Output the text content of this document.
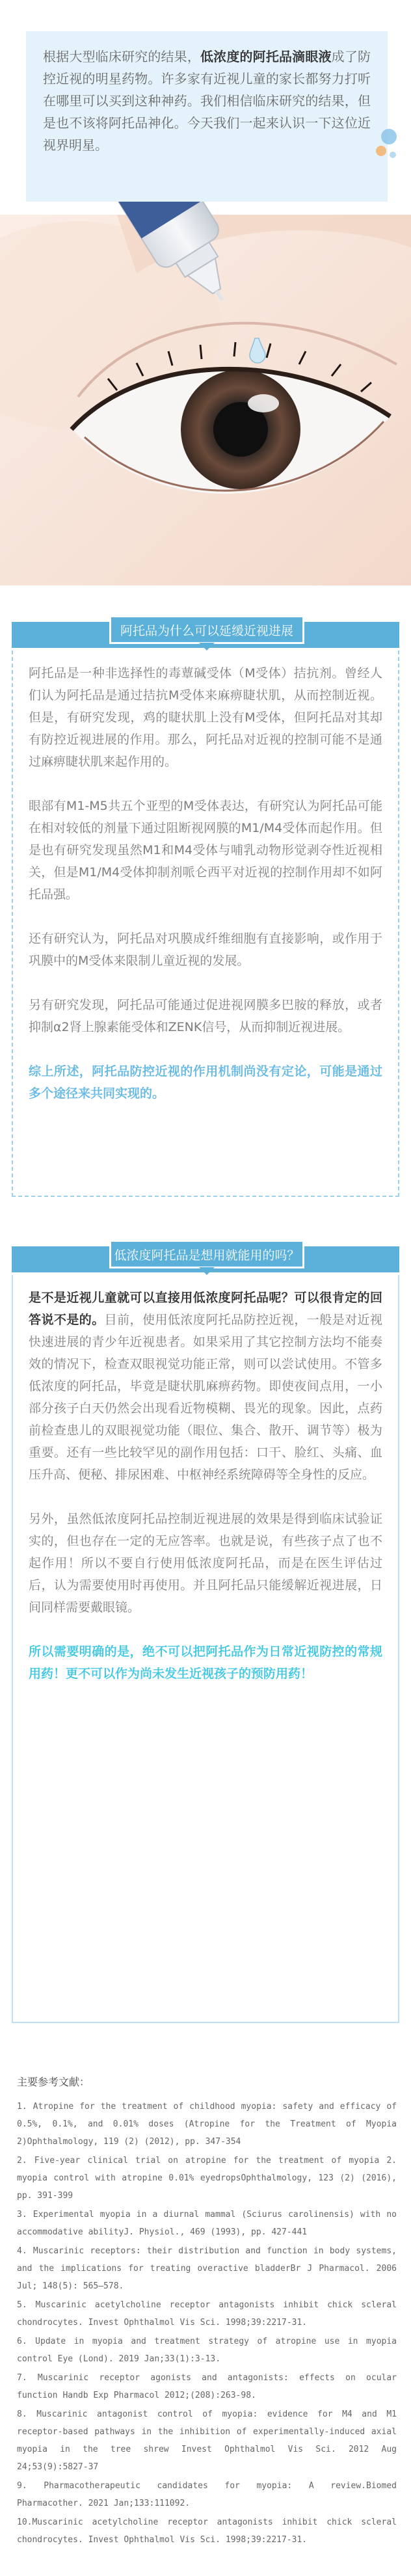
根据大型临床研究的结果，低浓度的阿托品滴眼液成了防控近视的明星药物。许多家有近视儿童的家长都努力打听在哪里可以买到这种神药。我们相信临床研究的结果，但是也不该将阿托品神化。今天我们一起来认识一下这位近视界明星。
阿托品为什么可以延缓近视进展

阿托品是一种非选择性的毒蕈碱受体（M受体）拮抗剂。曾经人们认为阿托品是通过拮抗M受体来麻痹睫状肌，从而控制近视。但是，有研究发现，鸡的睫状肌上没有M受体，但阿托品对其却有防控近视进展的作用。那么，阿托品对近视的控制可能不是通过麻痹睫状肌来起作用的。

眼部有M1-M5共五个亚型的M受体表达，有研究认为阿托品可能在相对较低的剂量下通过阻断视网膜的M1/M4受体而起作用。但是也有研究发现虽然M1和M4受体与哺乳动物形觉剥夺性近视相关，但是M1/M4受体抑制剂哌仑西平对近视的控制作用却不如阿托品强。

还有研究认为，阿托品对巩膜成纤维细胞有直接影响，或作用于巩膜中的M受体来限制儿童近视的发展。

另有研究发现，阿托品可能通过促进视网膜多巴胺的释放，或者抑制α2肾上腺素能受体和ZENK信号，从而抑制近视进展。

综上所述，阿托品防控近视的作用机制尚没有定论，可能是通过多个途径来共同实现的。

低浓度阿托品是想用就能用的吗？

是不是近视儿童就可以直接用低浓度阿托品呢？可以很肯定的回答说不是的。目前，使用低浓度阿托品防控近视，一般是对近视快速进展的青少年近视患者。如果采用了其它控制方法均不能奏效的情况下，检查双眼视觉功能正常，则可以尝试使用。不管多低浓度的阿托品，毕竟是睫状肌麻痹药物。即使夜间点用，一小部分孩子白天仍然会出现看近物模糊、畏光的现象。因此，点药前检查患儿的双眼视觉功能（眼位、集合、散开、调节等）极为重要。还有一些比较罕见的副作用包括：口干、脸红、头痛、血压升高、便秘、排尿困难、中枢神经系统障碍等全身性的反应。

另外，虽然低浓度阿托品控制近视进展的效果是得到临床试验证实的，但也存在一定的无应答率。也就是说，有些孩子点了也不起作用！所以不要自行使用低浓度阿托品，而是在医生评估过后，认为需要使用时再使用。并且阿托品只能缓解近视进展，日间同样需要戴眼镜。

所以需要明确的是，绝不可以把阿托品作为日常近视防控的常规用药！更不可以作为尚未发生近视孩子的预防用药！

主要参考文献：

1. Atropine for the treatment of childhood myopia: safety and efficacy of 0.5%, 0.1%, and 0.01% doses (Atropine for the Treatment of Myopia 2)Ophthalmology, 119 (2) (2012), pp. 347-354

2. Five-year clinical trial on atropine for the treatment of myopia 2. myopia control with atropine 0.01% eyedropsOphthalmology, 123 (2) (2016), pp. 391-399

3. Experimental myopia in a diurnal mammal (Sciurus carolinensis) with no accommodative abilityJ. Physiol., 469 (1993), pp. 427-441

4. Muscarinic receptors: their distribution and function in body systems, and the implications for treating overactive bladderBr J Pharmacol. 2006 Jul; 148(5): 565–578.

5. Muscarinic acetylcholine receptor antagonists inhibit chick scleral chondrocytes. Invest Ophthalmol Vis Sci. 1998;39:2217-31.

6. Update in myopia and treatment strategy of atropine use in myopia control Eye (Lond). 2019 Jan;33(1):3-13.

7. Muscarinic receptor agonists and antagonists: effects on ocular function Handb Exp Pharmacol 2012;(208):263-98.

8. Muscarinic antagonist control of myopia: evidence for M4 and M1 receptor-based pathways in the inhibition of experimentally-induced axial myopia in the tree shrew Invest Ophthalmol Vis Sci. 2012 Aug 24;53(9):5827-37

9. Pharmacotherapeutic candidates for myopia: A review.Biomed Pharmacother. 2021 Jan;133:111092.

10.Muscarinic acetylcholine receptor antagonists inhibit chick scleral chondrocytes. Invest Ophthalmol Vis Sci. 1998;39:2217-31.
